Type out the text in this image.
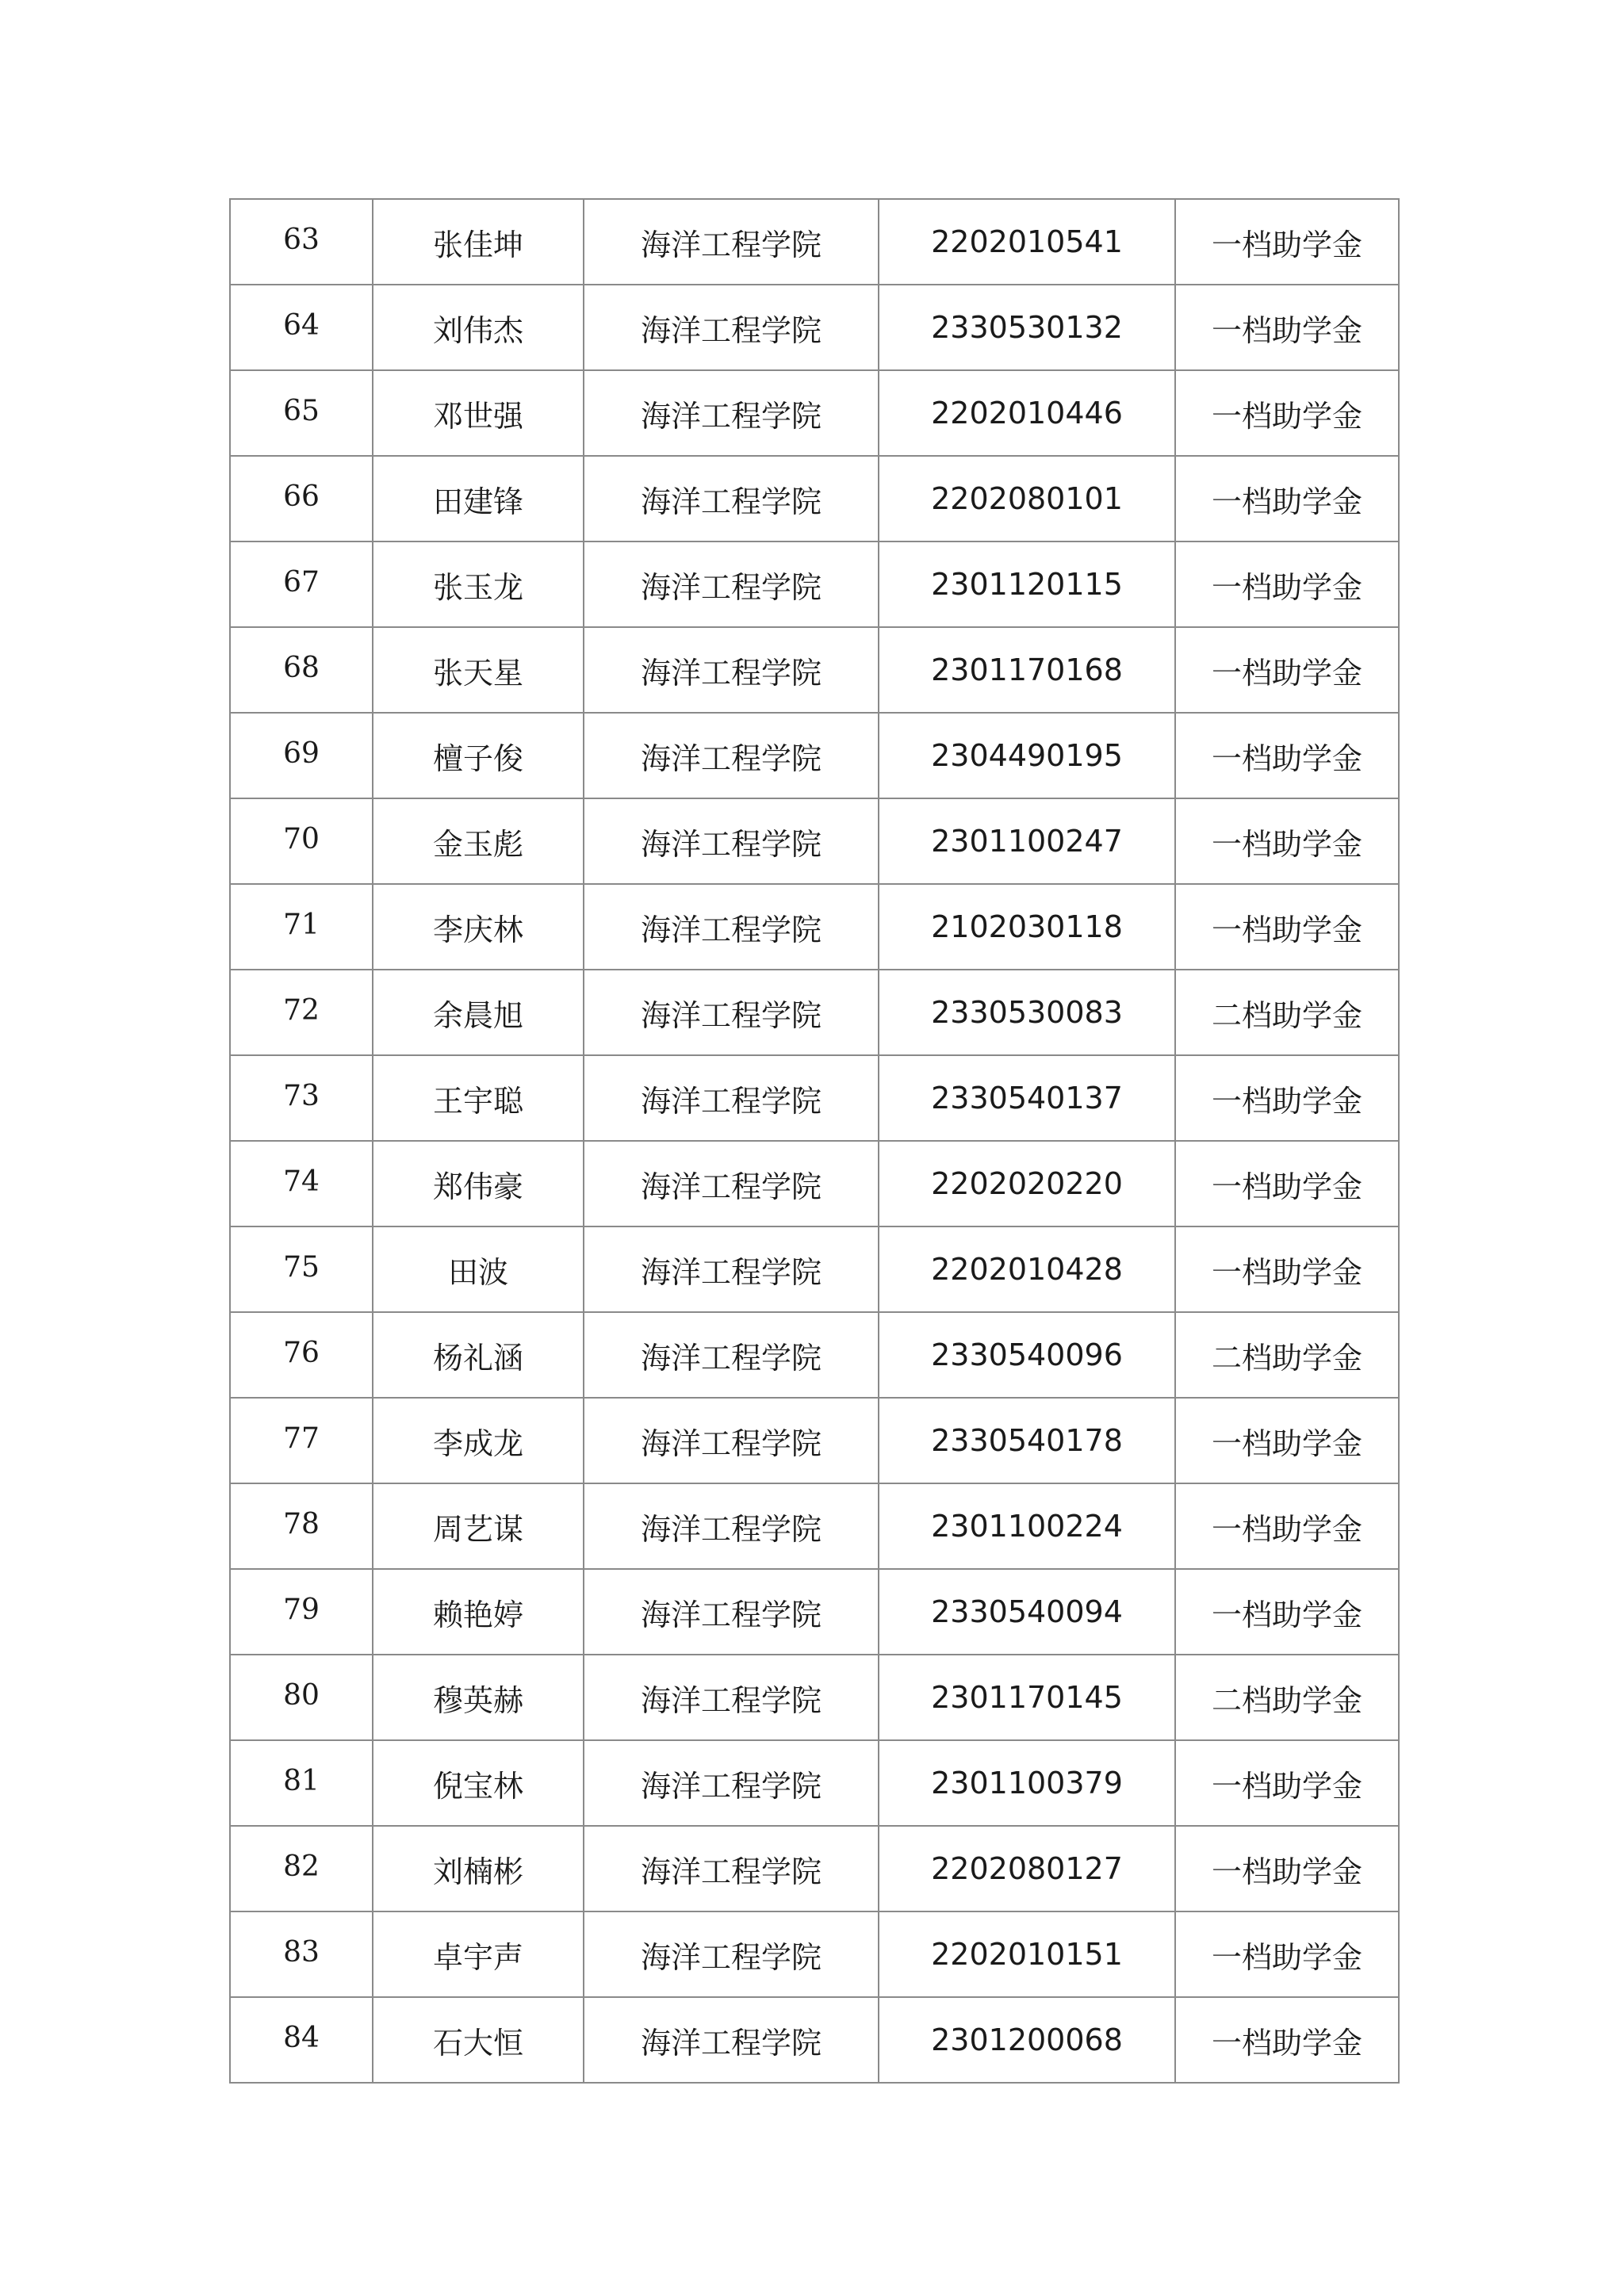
63	张佳坤	海洋工程学院	2202010541	一档助学金
64	刘伟杰	海洋工程学院	2330530132	一档助学金
65	邓世强	海洋工程学院	2202010446	一档助学金
66	田建锋	海洋工程学院	2202080101	一档助学金
67	张玉龙	海洋工程学院	2301120115	一档助学金
68	张天星	海洋工程学院	2301170168	一档助学金
69	檀子俊	海洋工程学院	2304490195	一档助学金
70	金玉彪	海洋工程学院	2301100247	一档助学金
71	李庆林	海洋工程学院	2102030118	一档助学金
72	余晨旭	海洋工程学院	2330530083	二档助学金
73	王宇聪	海洋工程学院	2330540137	一档助学金
74	郑伟豪	海洋工程学院	2202020220	一档助学金
75	田波	海洋工程学院	2202010428	一档助学金
76	杨礼涵	海洋工程学院	2330540096	二档助学金
77	李成龙	海洋工程学院	2330540178	一档助学金
78	周艺谋	海洋工程学院	2301100224	一档助学金
79	赖艳婷	海洋工程学院	2330540094	一档助学金
80	穆英赫	海洋工程学院	2301170145	二档助学金
81	倪宝林	海洋工程学院	2301100379	一档助学金
82	刘楠彬	海洋工程学院	2202080127	一档助学金
83	卓宇声	海洋工程学院	2202010151	一档助学金
84	石大恒	海洋工程学院	2301200068	一档助学金
